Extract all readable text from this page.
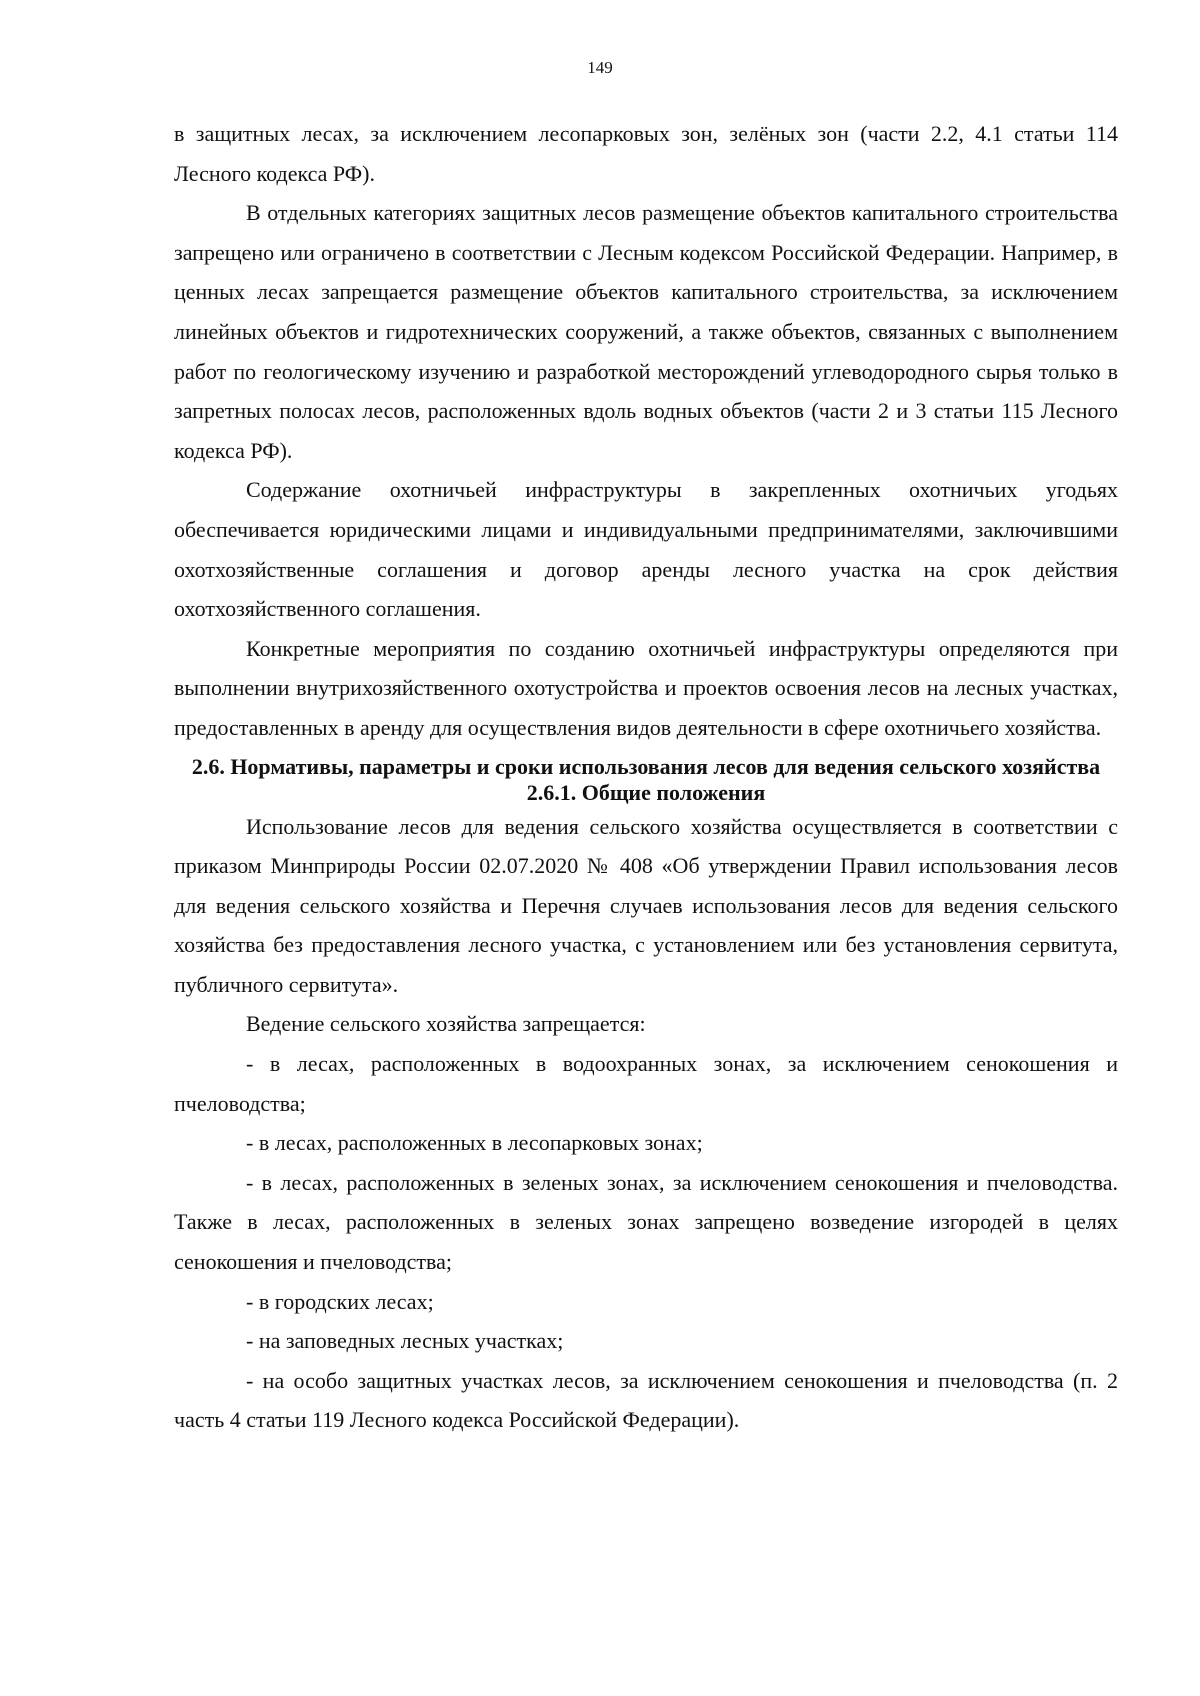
149

в защитных лесах, за исключением лесопарковых зон, зелёных зон (части 2.2, 4.1 статьи 114 Лесного кодекса РФ).

В отдельных категориях защитных лесов размещение объектов капитального строительства запрещено или ограничено в соответствии с Лесным кодексом Российской Федерации. Например, в ценных лесах запрещается размещение объектов капитального строительства, за исключением линейных объектов и гидротехнических сооружений, а также объектов, связанных с выполнением работ по геологическому изучению и разработкой месторождений углеводородного сырья только в запретных полосах лесов, расположенных вдоль водных объектов (части 2 и 3 статьи 115 Лесного кодекса РФ).

Содержание охотничьей инфраструктуры в закрепленных охотничьих угодьях обеспечивается юридическими лицами и индивидуальными предпринимателями, заключившими охотхозяйственные соглашения и договор аренды лесного участка на срок действия охотхозяйственного соглашения.

Конкретные мероприятия по созданию охотничьей инфраструктуры определяются при выполнении внутрихозяйственного охотустройства и проектов освоения лесов на лесных участках, предоставленных в аренду для осуществления видов деятельности в сфере охотничьего хозяйства.

2.6. Нормативы, параметры и сроки использования лесов для ведения сельского хозяйства
2.6.1. Общие положения

Использование лесов для ведения сельского хозяйства осуществляется в соответствии с приказом Минприроды России 02.07.2020 № 408 «Об утверждении Правил использования лесов для ведения сельского хозяйства и Перечня случаев использования лесов для ведения сельского хозяйства без предоставления лесного участка, с установлением или без установления сервитута, публичного сервитута».

Ведение сельского хозяйства запрещается:

- в лесах, расположенных в водоохранных зонах, за исключением сенокошения и пчеловодства;

- в лесах, расположенных в лесопарковых зонах;

- в лесах, расположенных в зеленых зонах, за исключением сенокошения и пчеловодства. Также в лесах, расположенных в зеленых зонах запрещено возведение изгородей в целях сенокошения и пчеловодства;

- в городских лесах;

- на заповедных лесных участках;

- на особо защитных участках лесов, за исключением сенокошения и пчеловодства (п. 2 часть 4 статьи 119 Лесного кодекса Российской Федерации).
